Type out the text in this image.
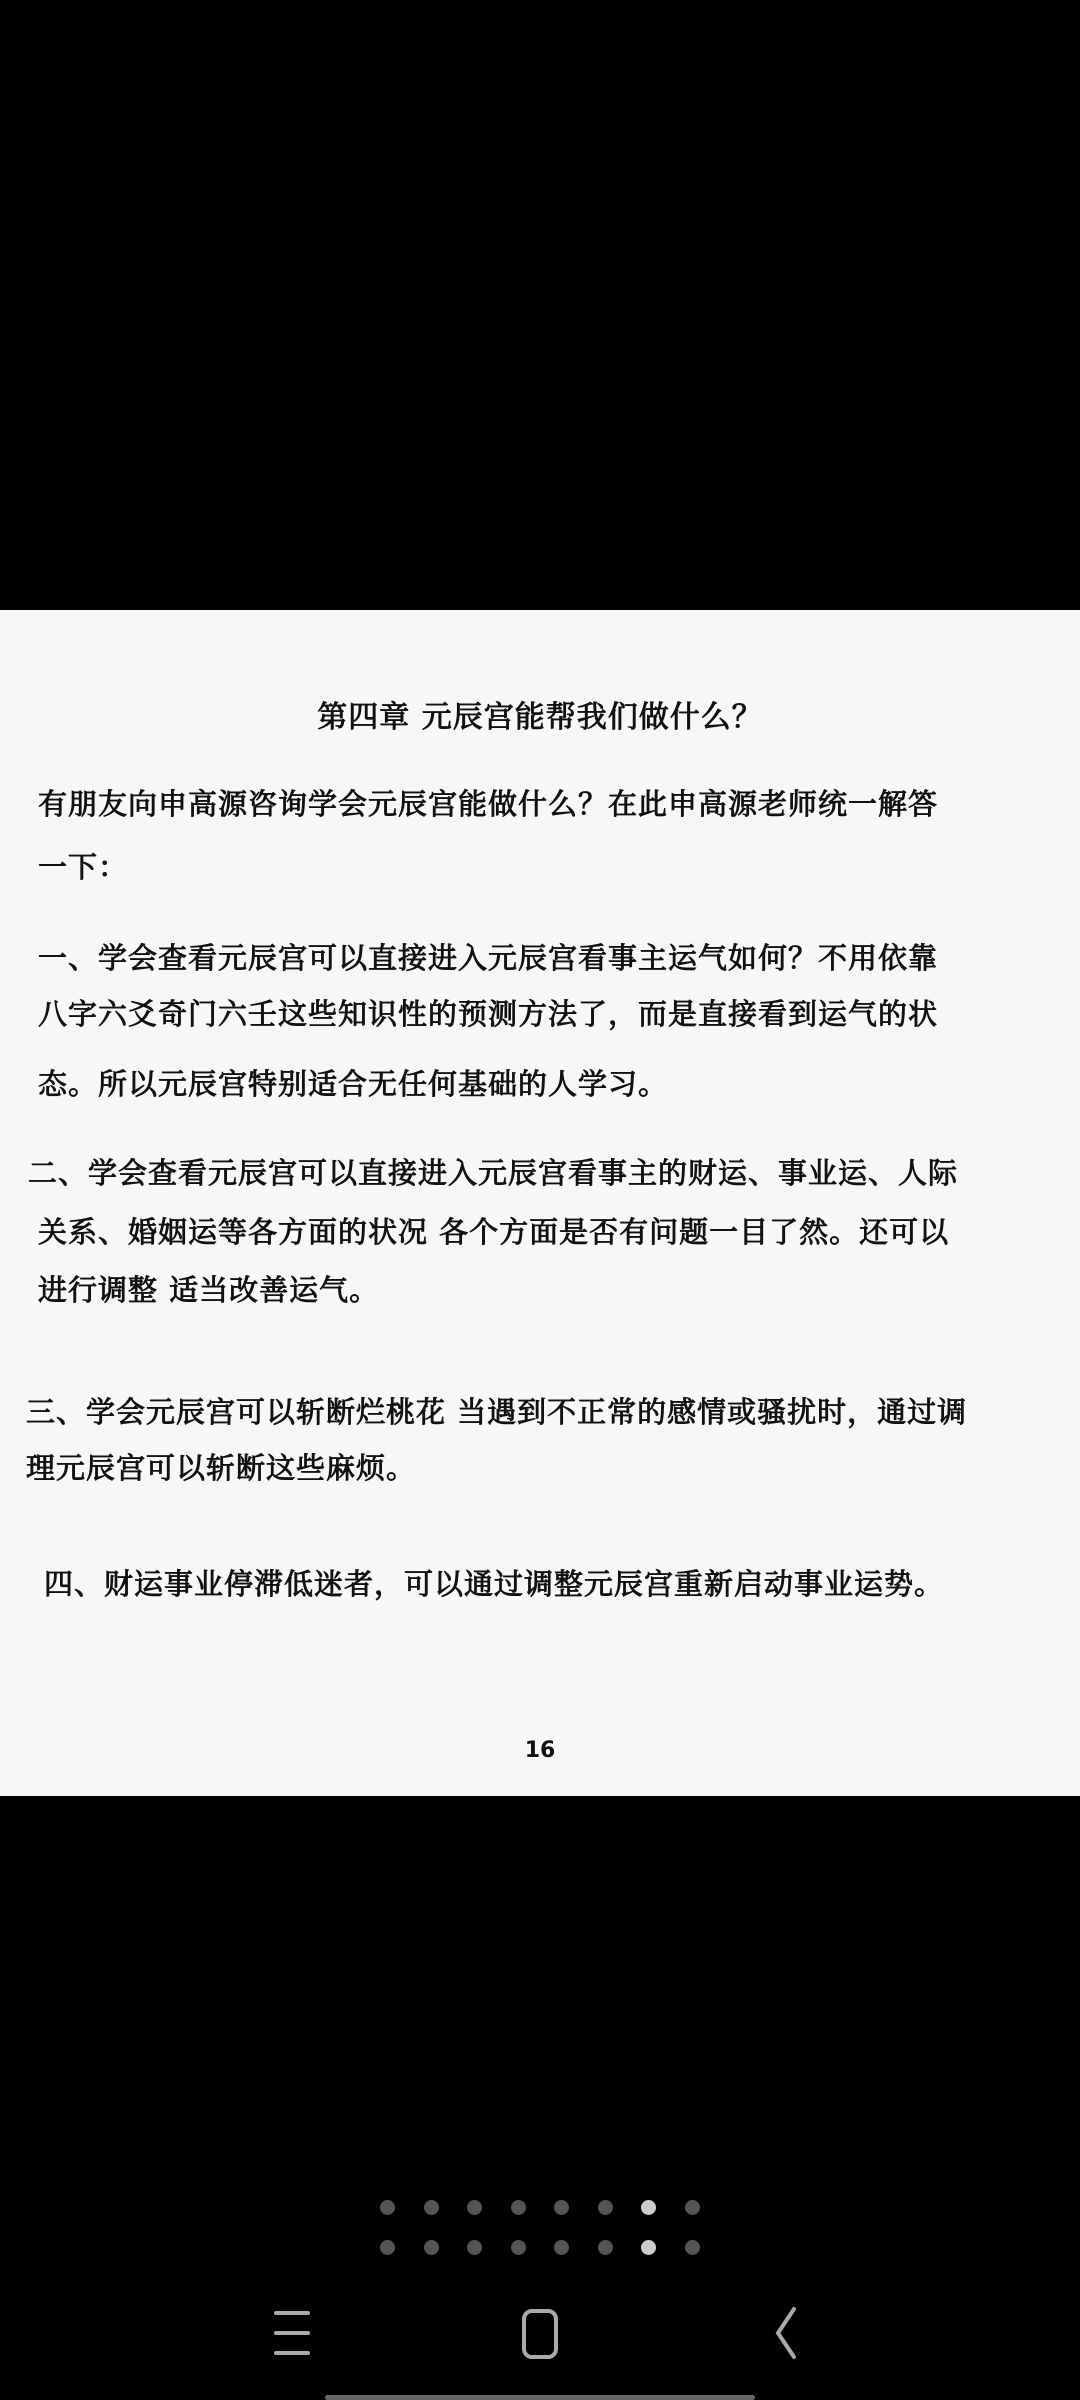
第四章 元辰宫能帮我们做什么？
有朋友向申高源咨询学会元辰宫能做什么？在此申高源老师统一解答
一下：
一、学会查看元辰宫可以直接进入元辰宫看事主运气如何？不用依靠
八字六爻奇门六壬这些知识性的预测方法了，而是直接看到运气的状
态。所以元辰宫特别适合无任何基础的人学习。
二、学会查看元辰宫可以直接进入元辰宫看事主的财运、事业运、人际
关系、婚姻运等各方面的状况 各个方面是否有问题一目了然。还可以
进行调整 适当改善运气。
三、学会元辰宫可以斩断烂桃花 当遇到不正常的感情或骚扰时，通过调
理元辰宫可以斩断这些麻烦。
四、财运事业停滞低迷者，可以通过调整元辰宫重新启动事业运势。
16
